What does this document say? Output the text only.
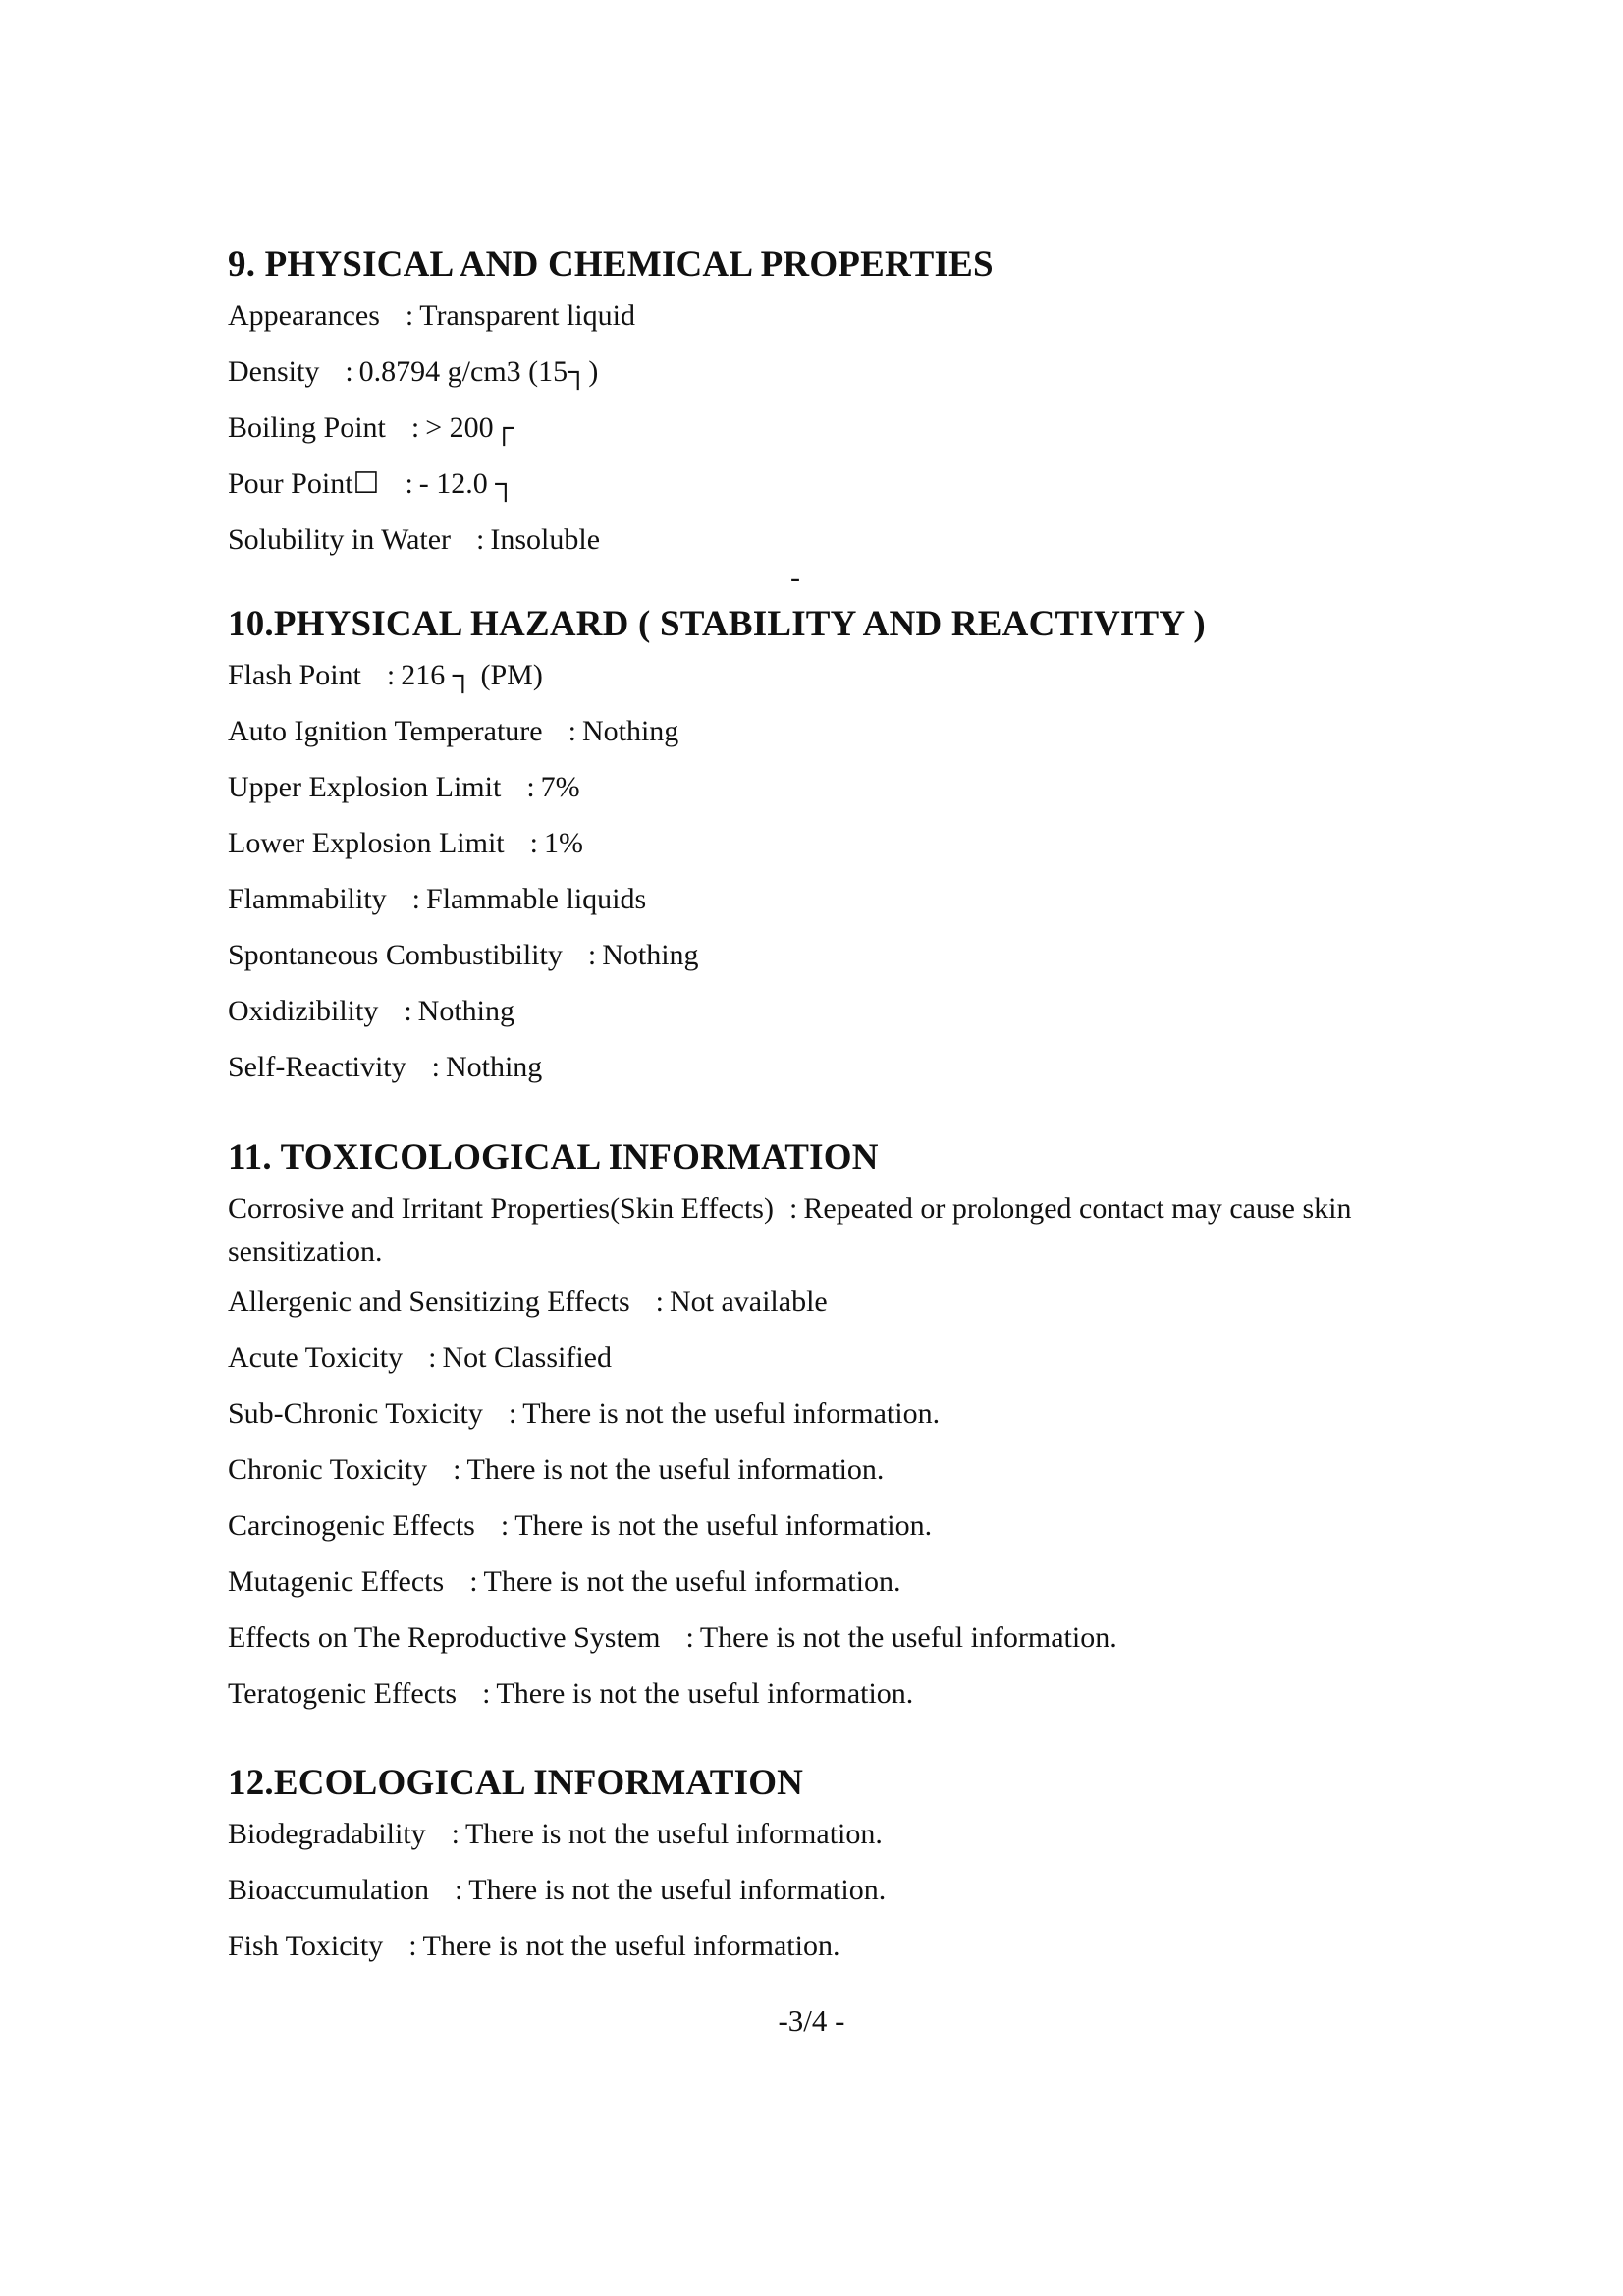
9. PHYSICAL AND CHEMICAL PROPERTIES
Appearances : Transparent liquid
Density : 0.8794 g/cm3 (15┐)
Boiling Point : > 200┌
Pour Point☐ : - 12.0 ┐
Solubility in Water : Insoluble
-
10.PHYSICAL HAZARD ( STABILITY AND REACTIVITY )
Flash Point : 216 ┐ (PM)
Auto Ignition Temperature : Nothing
Upper Explosion Limit : 7%
Lower Explosion Limit : 1%
Flammability : Flammable liquids
Spontaneous Combustibility : Nothing
Oxidizibility : Nothing
Self-Reactivity : Nothing
11. TOXICOLOGICAL INFORMATION
Corrosive and Irritant Properties(Skin Effects) : Repeated or prolonged contact may cause skin sensitization.
Allergenic and Sensitizing Effects : Not available
Acute Toxicity : Not Classified
Sub-Chronic Toxicity : There is not the useful information.
Chronic Toxicity : There is not the useful information.
Carcinogenic Effects : There is not the useful information.
Mutagenic Effects : There is not the useful information.
Effects on The Reproductive System : There is not the useful information.
Teratogenic Effects : There is not the useful information.
12.ECOLOGICAL INFORMATION
Biodegradability : There is not the useful information.
Bioaccumulation : There is not the useful information.
Fish Toxicity : There is not the useful information.
-3/4 -
